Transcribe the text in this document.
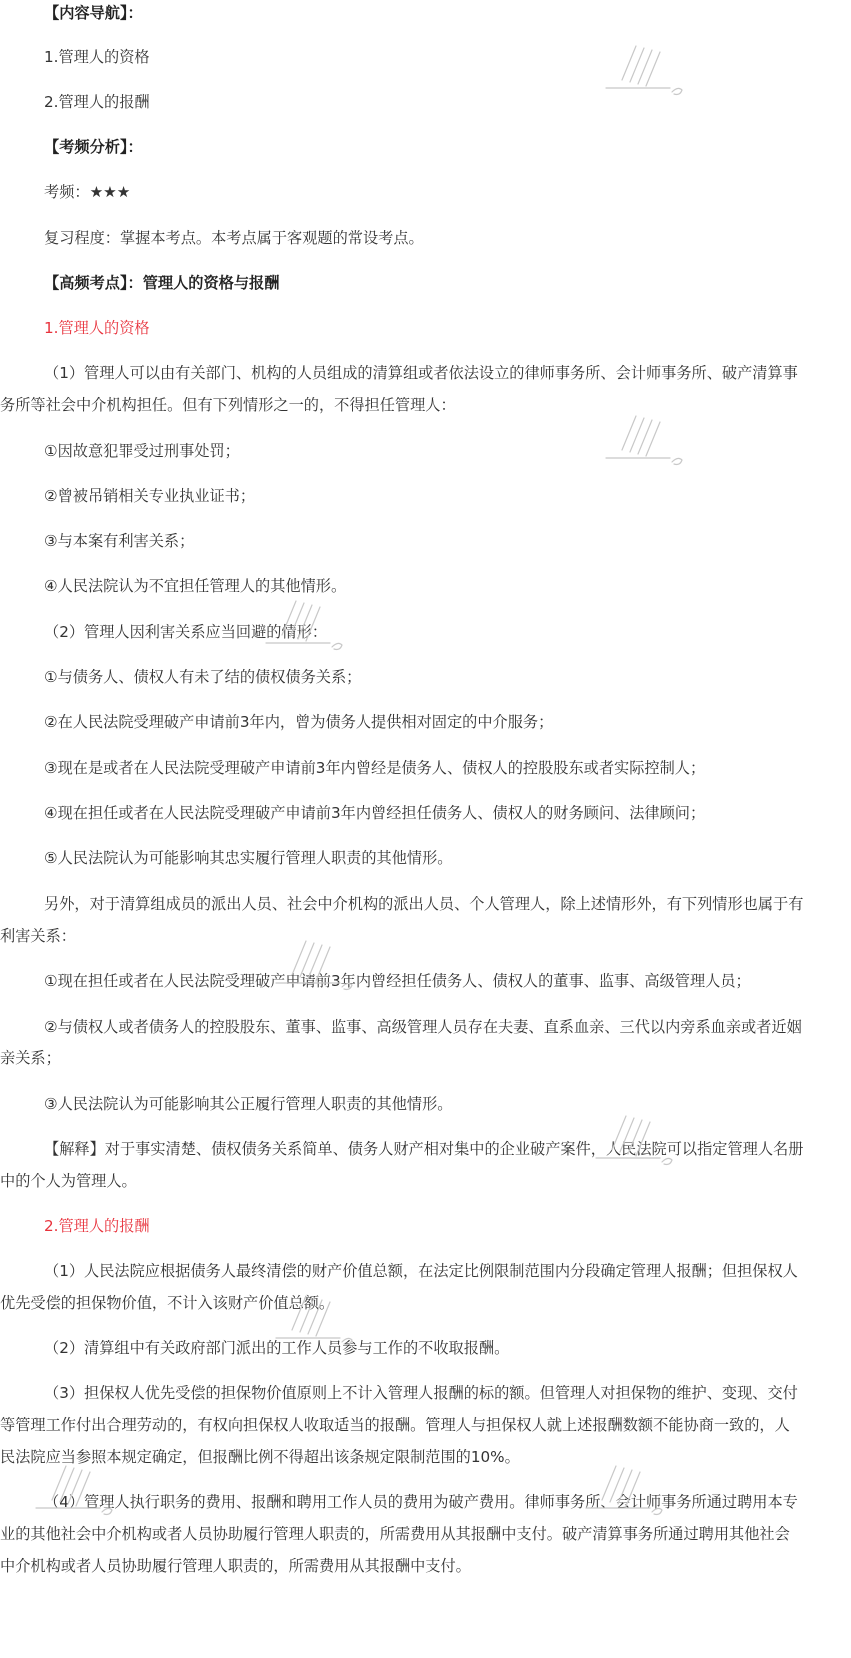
【内容导航】：
1.管理人的资格
2.管理人的报酬
【考频分析】：
考频：★★★
复习程度：掌握本考点。本考点属于客观题的常设考点。
【高频考点】：管理人的资格与报酬
1.管理人的资格
（1）管理人可以由有关部门、机构的人员组成的清算组或者依法设立的律师事务所、会计师事务所、破产清算事
务所等社会中介机构担任。但有下列情形之一的，不得担任管理人：
①因故意犯罪受过刑事处罚；
②曾被吊销相关专业执业证书；
③与本案有利害关系；
④人民法院认为不宜担任管理人的其他情形。
（2）管理人因利害关系应当回避的情形：
①与债务人、债权人有未了结的债权债务关系；
②在人民法院受理破产申请前3年内，曾为债务人提供相对固定的中介服务；
③现在是或者在人民法院受理破产申请前3年内曾经是债务人、债权人的控股股东或者实际控制人；
④现在担任或者在人民法院受理破产申请前3年内曾经担任债务人、债权人的财务顾问、法律顾问；
⑤人民法院认为可能影响其忠实履行管理人职责的其他情形。
另外，对于清算组成员的派出人员、社会中介机构的派出人员、个人管理人，除上述情形外，有下列情形也属于有
利害关系：
①现在担任或者在人民法院受理破产申请前3年内曾经担任债务人、债权人的董事、监事、高级管理人员；
②与债权人或者债务人的控股股东、董事、监事、高级管理人员存在夫妻、直系血亲、三代以内旁系血亲或者近姻
亲关系；
③人民法院认为可能影响其公正履行管理人职责的其他情形。
【解释】对于事实清楚、债权债务关系简单、债务人财产相对集中的企业破产案件，人民法院可以指定管理人名册
中的个人为管理人。
2.管理人的报酬
（1）人民法院应根据债务人最终清偿的财产价值总额，在法定比例限制范围内分段确定管理人报酬；但担保权人
优先受偿的担保物价值，不计入该财产价值总额。
（2）清算组中有关政府部门派出的工作人员参与工作的不收取报酬。
（3）担保权人优先受偿的担保物价值原则上不计入管理人报酬的标的额。但管理人对担保物的维护、变现、交付
等管理工作付出合理劳动的，有权向担保权人收取适当的报酬。管理人与担保权人就上述报酬数额不能协商一致的，人
民法院应当参照本规定确定，但报酬比例不得超出该条规定限制范围的10%。
（4）管理人执行职务的费用、报酬和聘用工作人员的费用为破产费用。律师事务所、会计师事务所通过聘用本专
业的其他社会中介机构或者人员协助履行管理人职责的，所需费用从其报酬中支付。破产清算事务所通过聘用其他社会
中介机构或者人员协助履行管理人职责的，所需费用从其报酬中支付。
